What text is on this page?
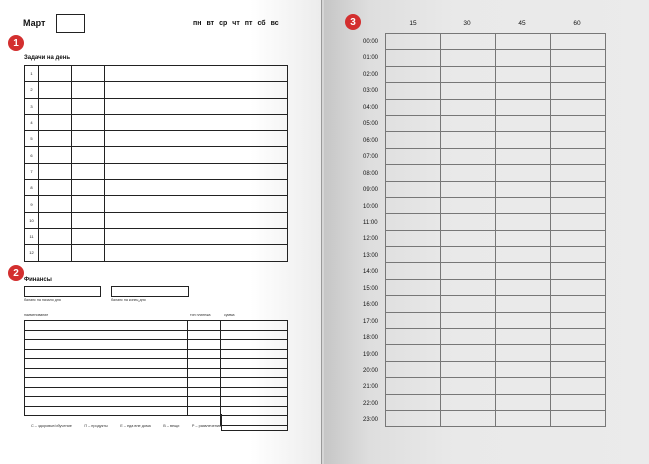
Март	пн вт ср чт пт сб вс
1
Задачи на день
1			
2			
3			
4			
5			
6			
7			
8			
9			
10			
11			
12			
2
Финансы
баланс на начало дня	баланс на конец дня
наименование	тип платежа	сумма

С – здоровье/обучение	П – продукты	Е – еда вне дома	В – вещи	Р – развлечения
3	15	30	45	60
00:00
01:00
02:00
03:00
04:00
05:00
06:00
07:00
08:00
09:00
10:00
11:00
12:00
13:00
14:00
15:00
16:00
17:00
18:00
19:00
20:00
21:00
22:00
23:00
